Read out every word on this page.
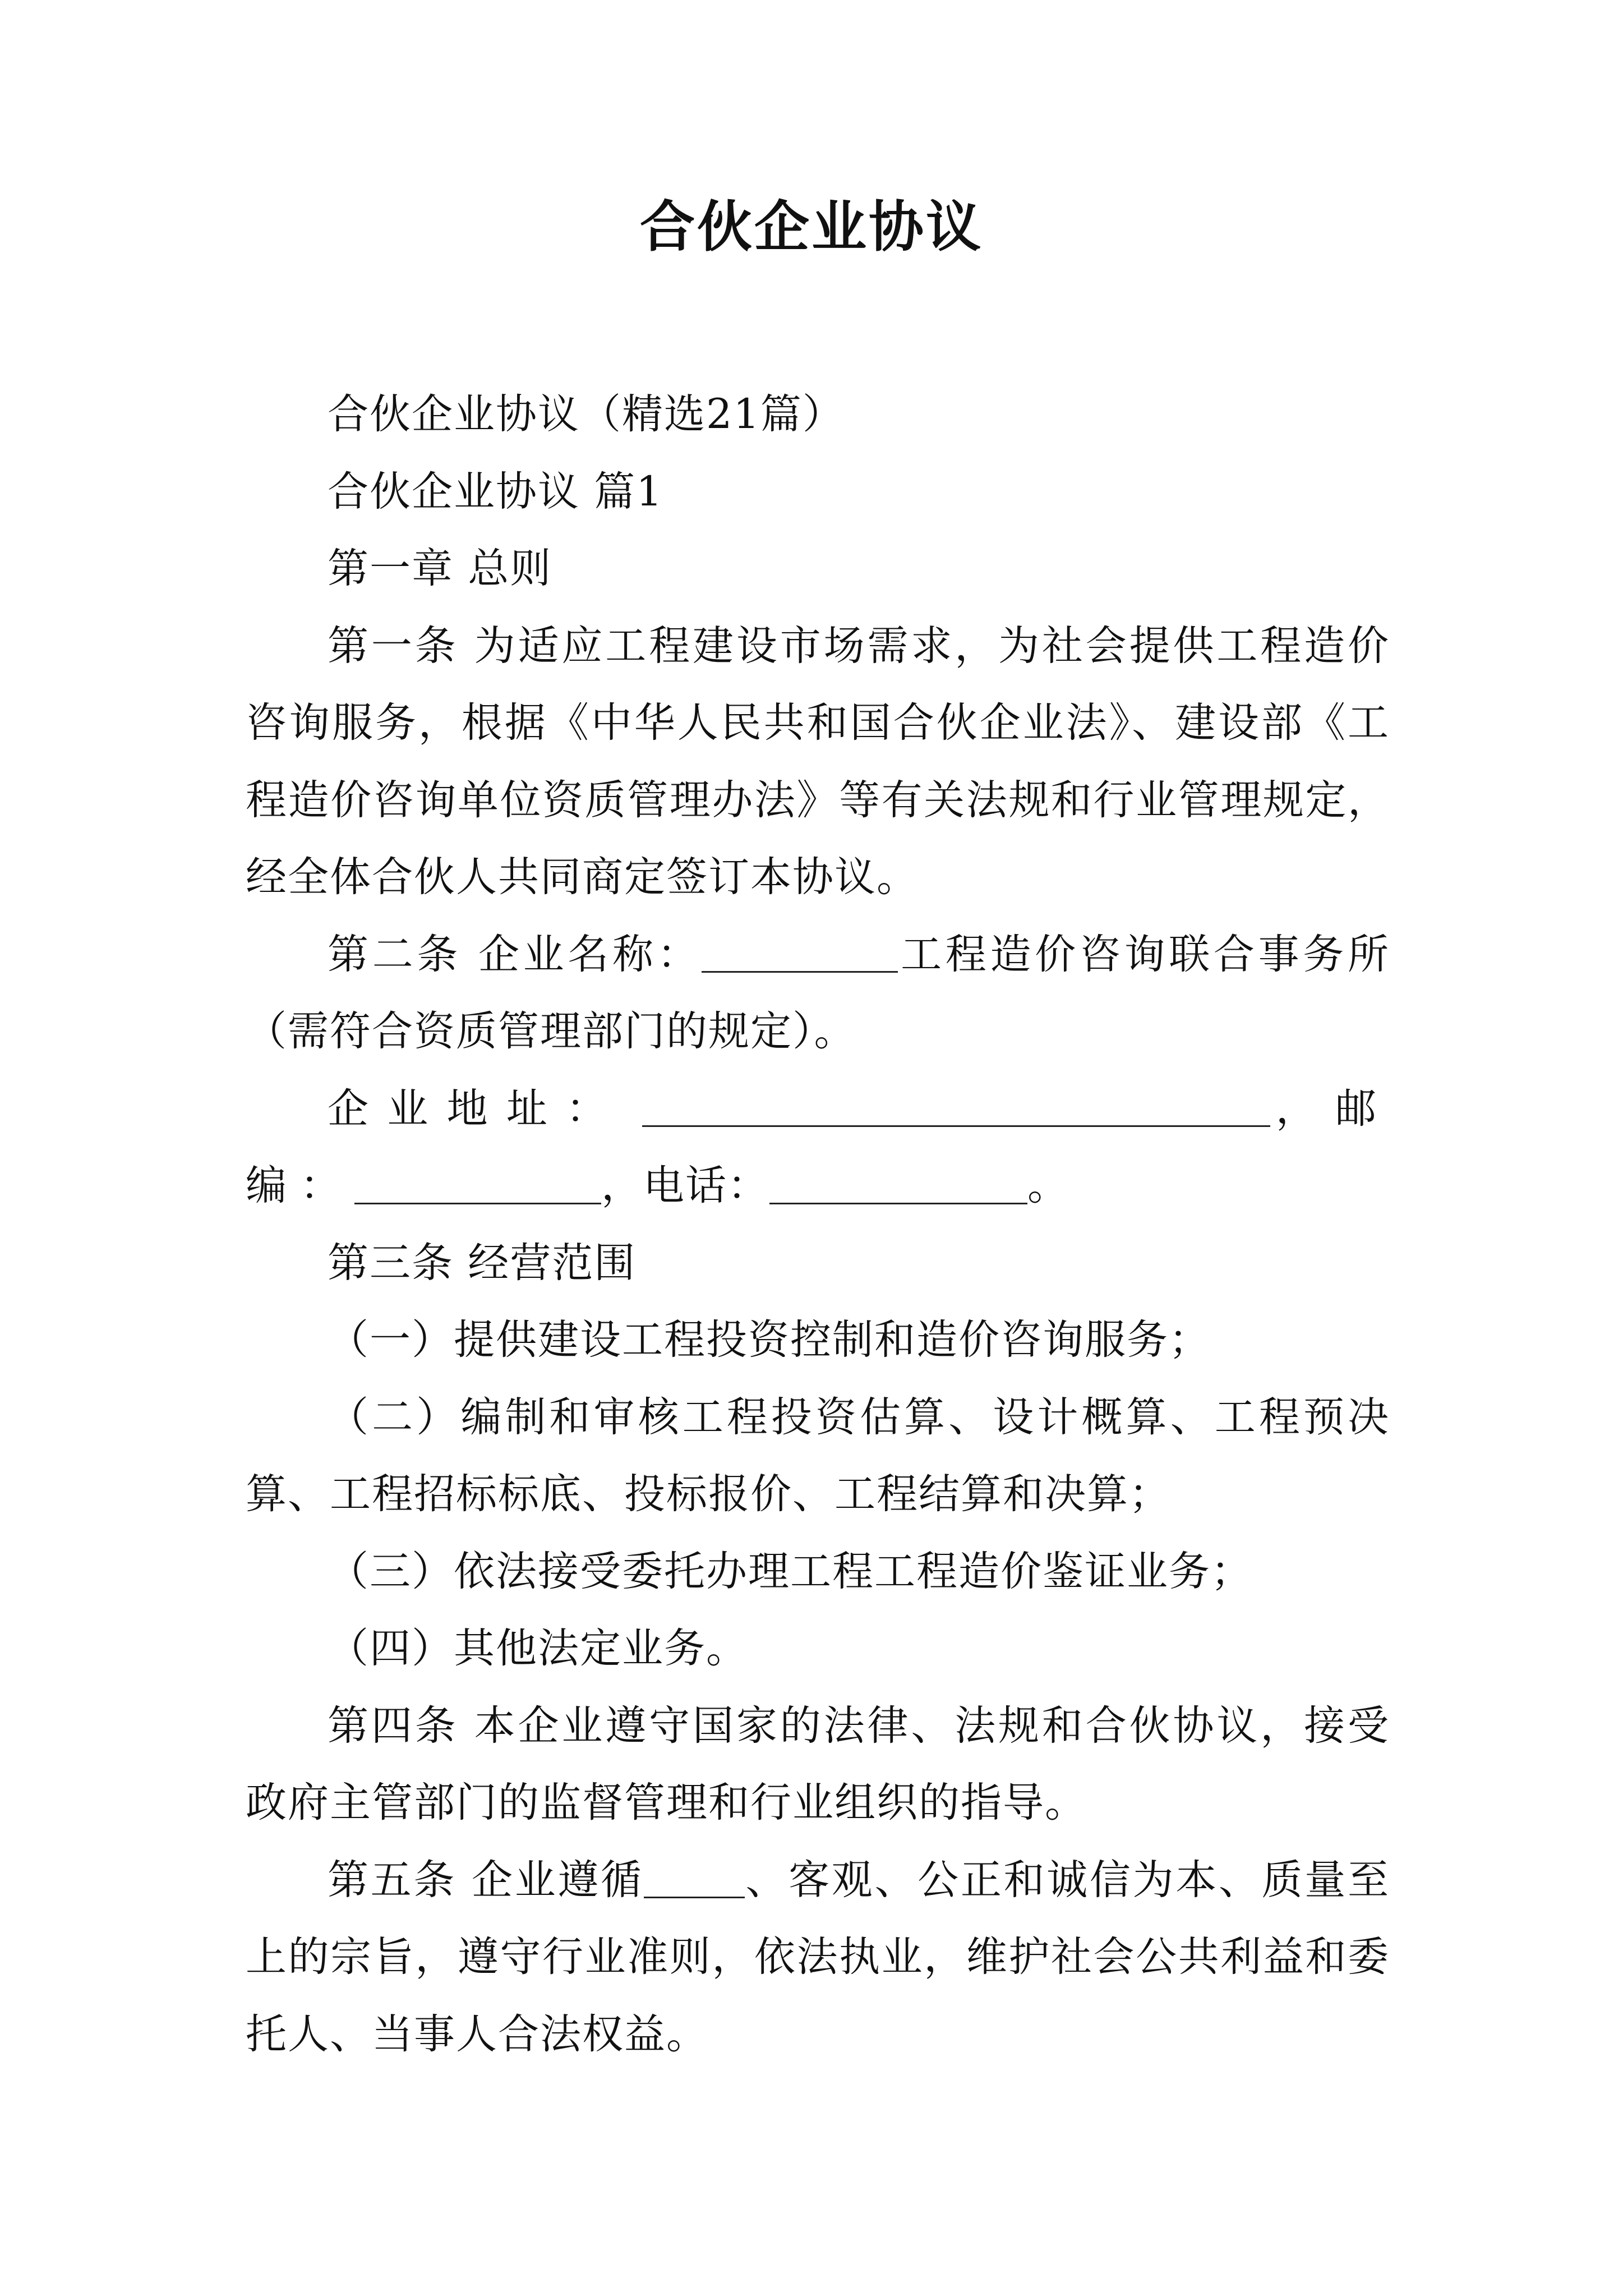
合伙企业协议

合伙企业协议（精选21篇）

合伙企业协议 篇1

第一章 总则

第一条 为适应工程建设市场需求，为社会提供工程造价咨询服务，根据《中华人民共和国合伙企业法》、建设部《工程造价咨询单位资质管理办法》等有关法规和行业管理规定，经全体合伙人共同商定签订本协议。

第二条 企业名称：	工程造价咨询联合事务所（需符合资质管理部门的规定）。

企业地址：	，邮编：	，电话：	。

第三条 经营范围

（一）提供建设工程投资控制和造价咨询服务；

（二）编制和审核工程投资估算、设计概算、工程预决算、工程招标标底、投标报价、工程结算和决算；

（三）依法接受委托办理工程工程造价鉴证业务；

（四）其他法定业务。

第四条 本企业遵守国家的法律、法规和合伙协议，接受政府主管部门的监督管理和行业组织的指导。

第五条 企业遵循 、客观、公正和诚信为本、质量至上的宗旨，遵守行业准则，依法执业，维护社会公共利益和委托人、当事人合法权益。
